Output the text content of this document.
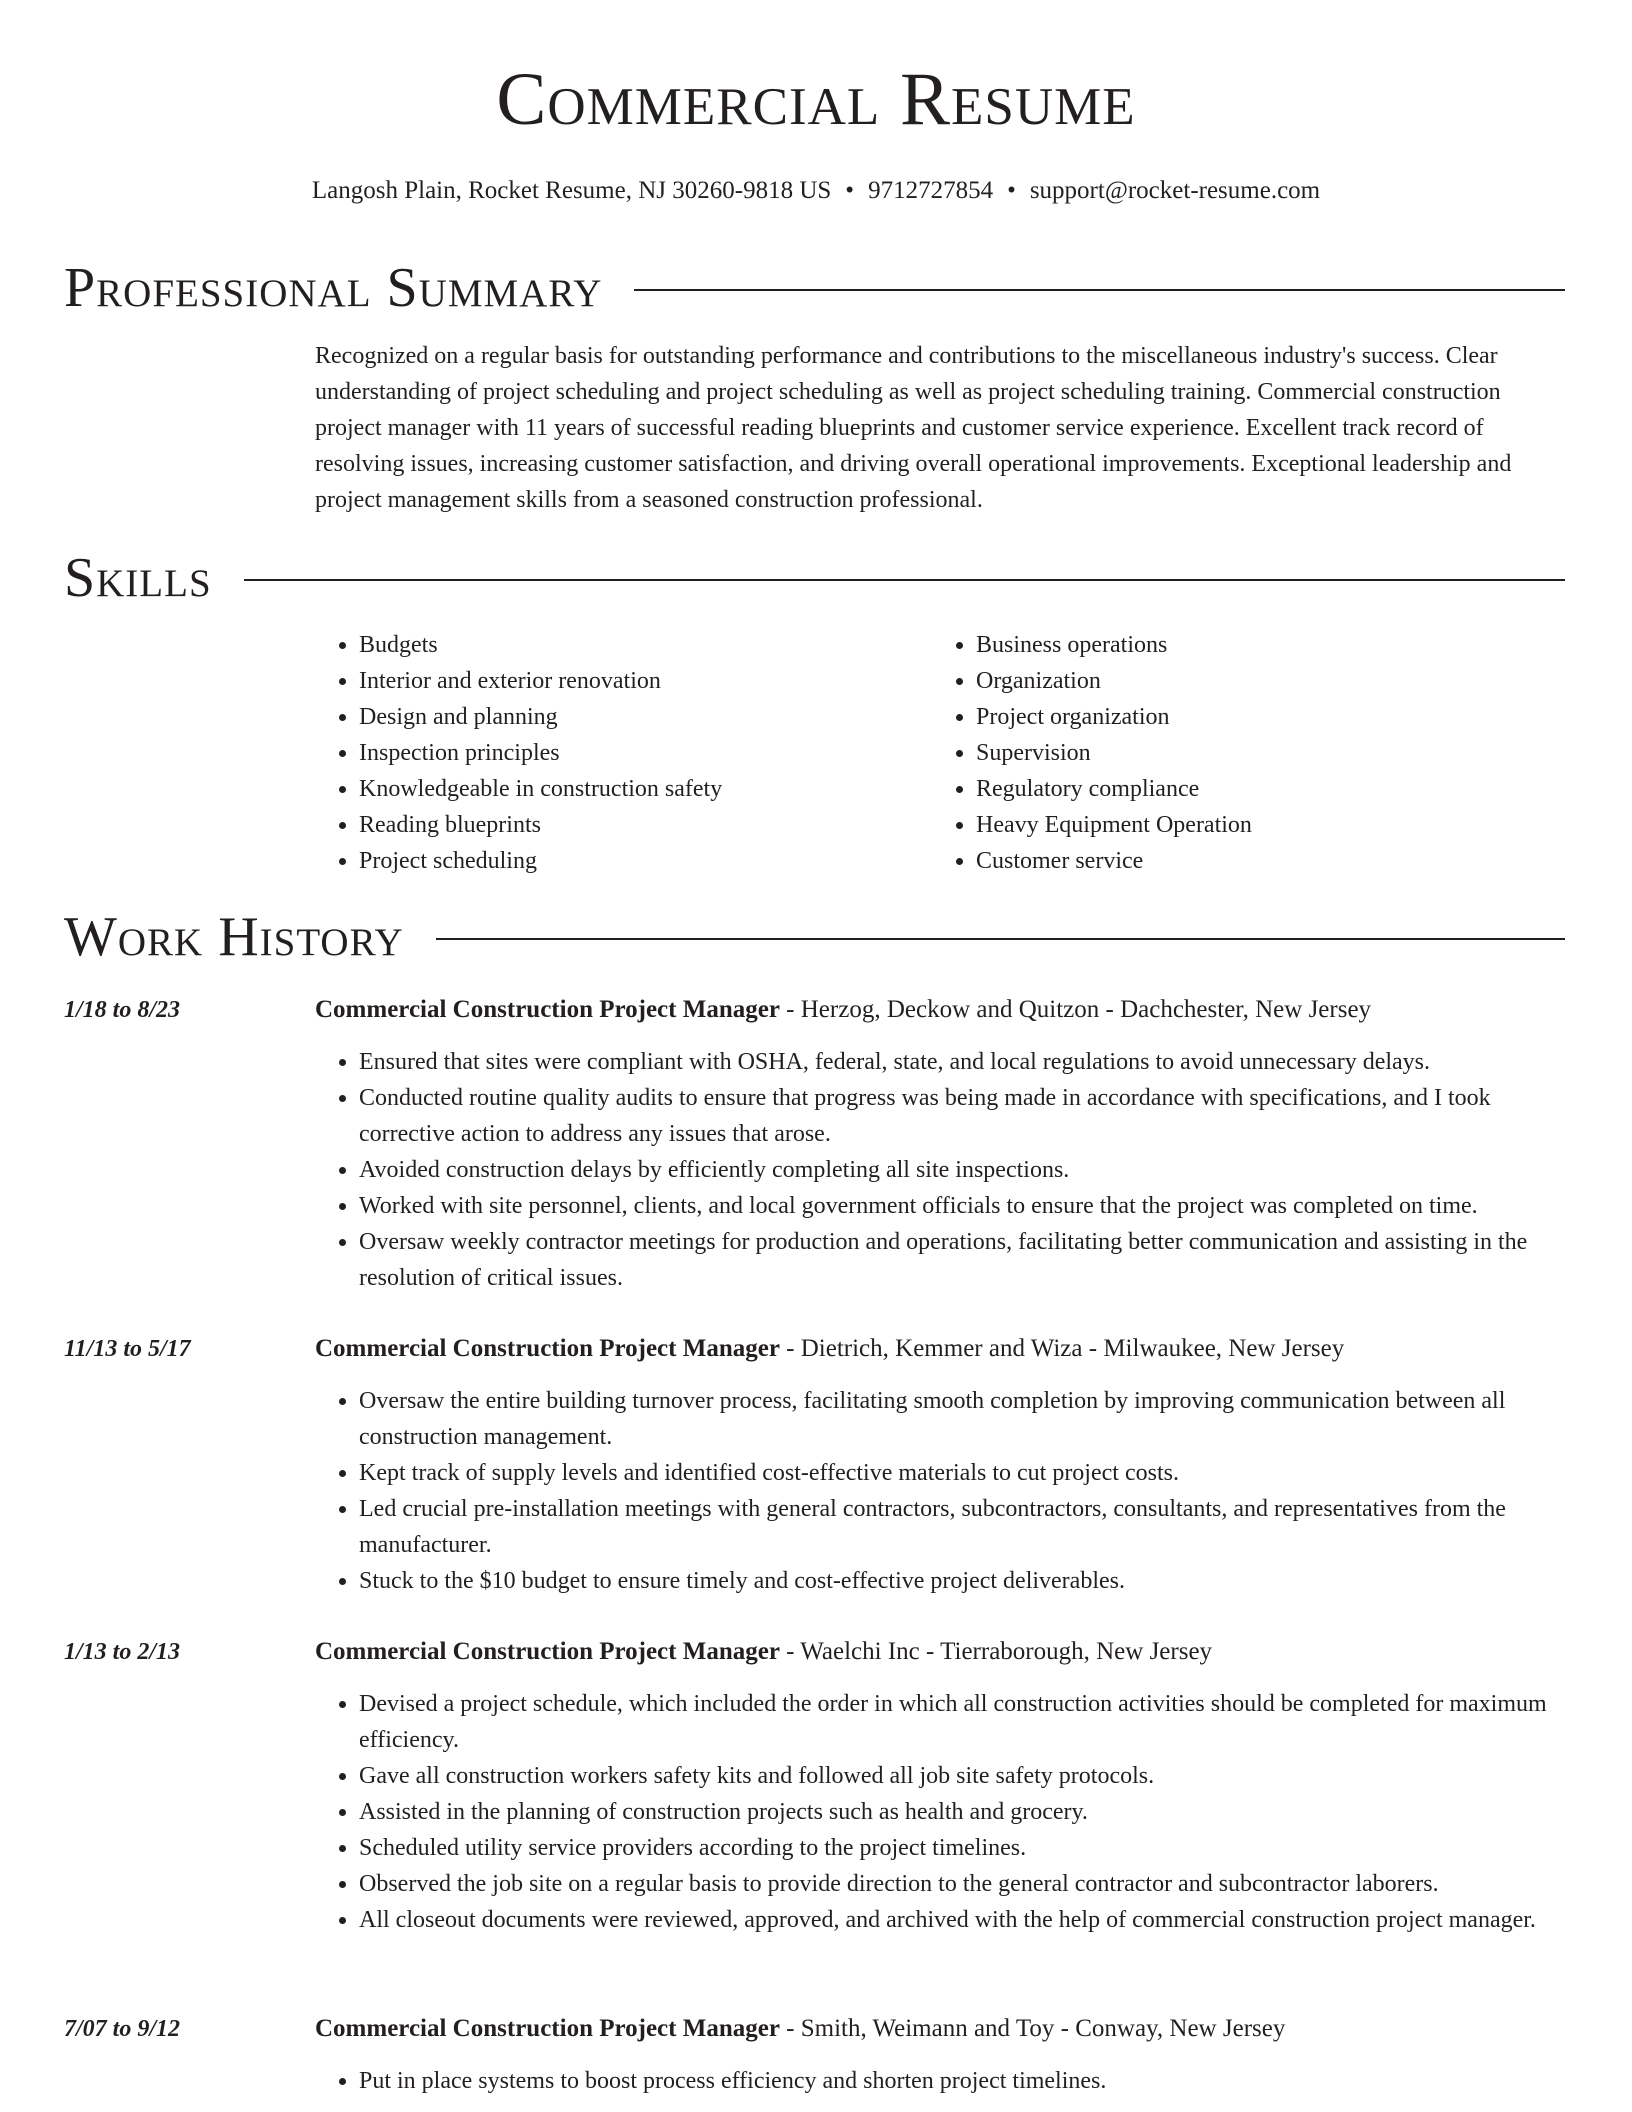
Commercial Resume
Langosh Plain, Rocket Resume, NJ 30260-9818 US • 9712727854 • support@rocket-resume.com
Professional Summary
Recognized on a regular basis for outstanding performance and contributions to the miscellaneous industry's success. Clear understanding of project scheduling and project scheduling as well as project scheduling training. Commercial construction project manager with 11 years of successful reading blueprints and customer service experience. Excellent track record of resolving issues, increasing customer satisfaction, and driving overall operational improvements. Exceptional leadership and project management skills from a seasoned construction professional.
Skills
• Budgets
• Interior and exterior renovation
• Design and planning
• Inspection principles
• Knowledgeable in construction safety
• Reading blueprints
• Project scheduling
• Business operations
• Organization
• Project organization
• Supervision
• Regulatory compliance
• Heavy Equipment Operation
• Customer service
Work History
1/18 to 8/23	Commercial Construction Project Manager - Herzog, Deckow and Quitzon - Dachchester, New Jersey
• Ensured that sites were compliant with OSHA, federal, state, and local regulations to avoid unnecessary delays.
• Conducted routine quality audits to ensure that progress was being made in accordance with specifications, and I took corrective action to address any issues that arose.
• Avoided construction delays by efficiently completing all site inspections.
• Worked with site personnel, clients, and local government officials to ensure that the project was completed on time.
• Oversaw weekly contractor meetings for production and operations, facilitating better communication and assisting in the resolution of critical issues.
11/13 to 5/17	Commercial Construction Project Manager - Dietrich, Kemmer and Wiza - Milwaukee, New Jersey
• Oversaw the entire building turnover process, facilitating smooth completion by improving communication between all construction management.
• Kept track of supply levels and identified cost-effective materials to cut project costs.
• Led crucial pre-installation meetings with general contractors, subcontractors, consultants, and representatives from the manufacturer.
• Stuck to the $10 budget to ensure timely and cost-effective project deliverables.
1/13 to 2/13	Commercial Construction Project Manager - Waelchi Inc - Tierraborough, New Jersey
• Devised a project schedule, which included the order in which all construction activities should be completed for maximum efficiency.
• Gave all construction workers safety kits and followed all job site safety protocols.
• Assisted in the planning of construction projects such as health and grocery.
• Scheduled utility service providers according to the project timelines.
• Observed the job site on a regular basis to provide direction to the general contractor and subcontractor laborers.
• All closeout documents were reviewed, approved, and archived with the help of commercial construction project manager.
7/07 to 9/12	Commercial Construction Project Manager - Smith, Weimann and Toy - Conway, New Jersey
• Put in place systems to boost process efficiency and shorten project timelines.
